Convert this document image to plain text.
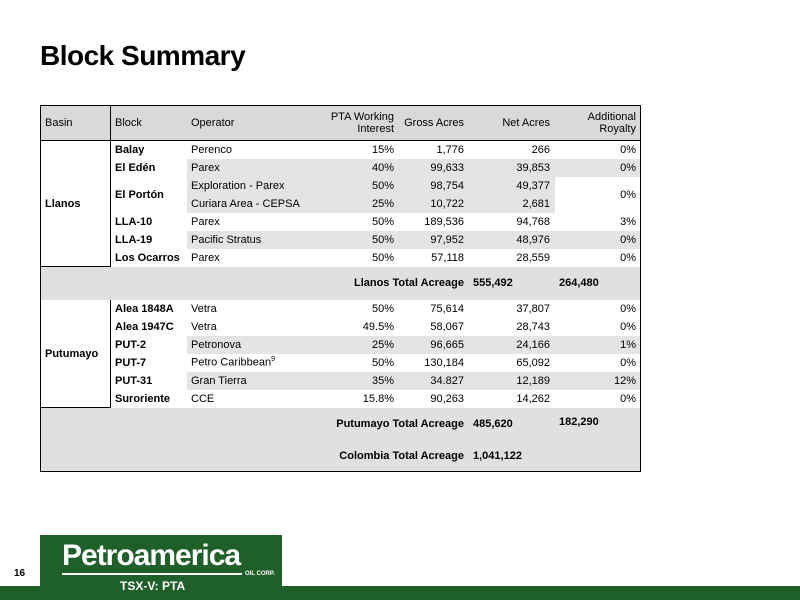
Block Summary
Basin	Block	Operator	PTA Working Interest	Gross Acres	Net Acres	Additional Royalty
Llanos	Balay	Perenco	15%	1,776	266	0%
	El Edén	Parex	40%	99,633	39,853	0%
	El Portón	Exploration - Parex	50%	98,754	49,377	0%
		Curiara Area - CEPSA	25%	10,722	2,681	
	LLA-10	Parex	50%	189,536	94,768	3%
	LLA-19	Pacific Stratus	50%	97,952	48,976	0%
	Los Ocarros	Parex	50%	57,118	28,559	0%
Llanos Total Acreage					555,492	264,480
Putumayo	Alea 1848A	Vetra	50%	75,614	37,807	0%
	Alea 1947C	Vetra	49.5%	58,067	28,743	0%
	PUT-2	Petronova	25%	96,665	24,166	1%
	PUT-7	Petro Caribbean$^9$	50%	130,184	65,092	0%
	PUT-31	Gran Tierra	35%	34.827	12,189	12%
	Suroriente	CCE	15.8%	90,263	14,262	0%
Putumayo Total Acreage					485,620	182,290
Colombia Total Acreage					1,041,122	
16
Petroamerica
OIL CORP.
TSX-V: PTA
